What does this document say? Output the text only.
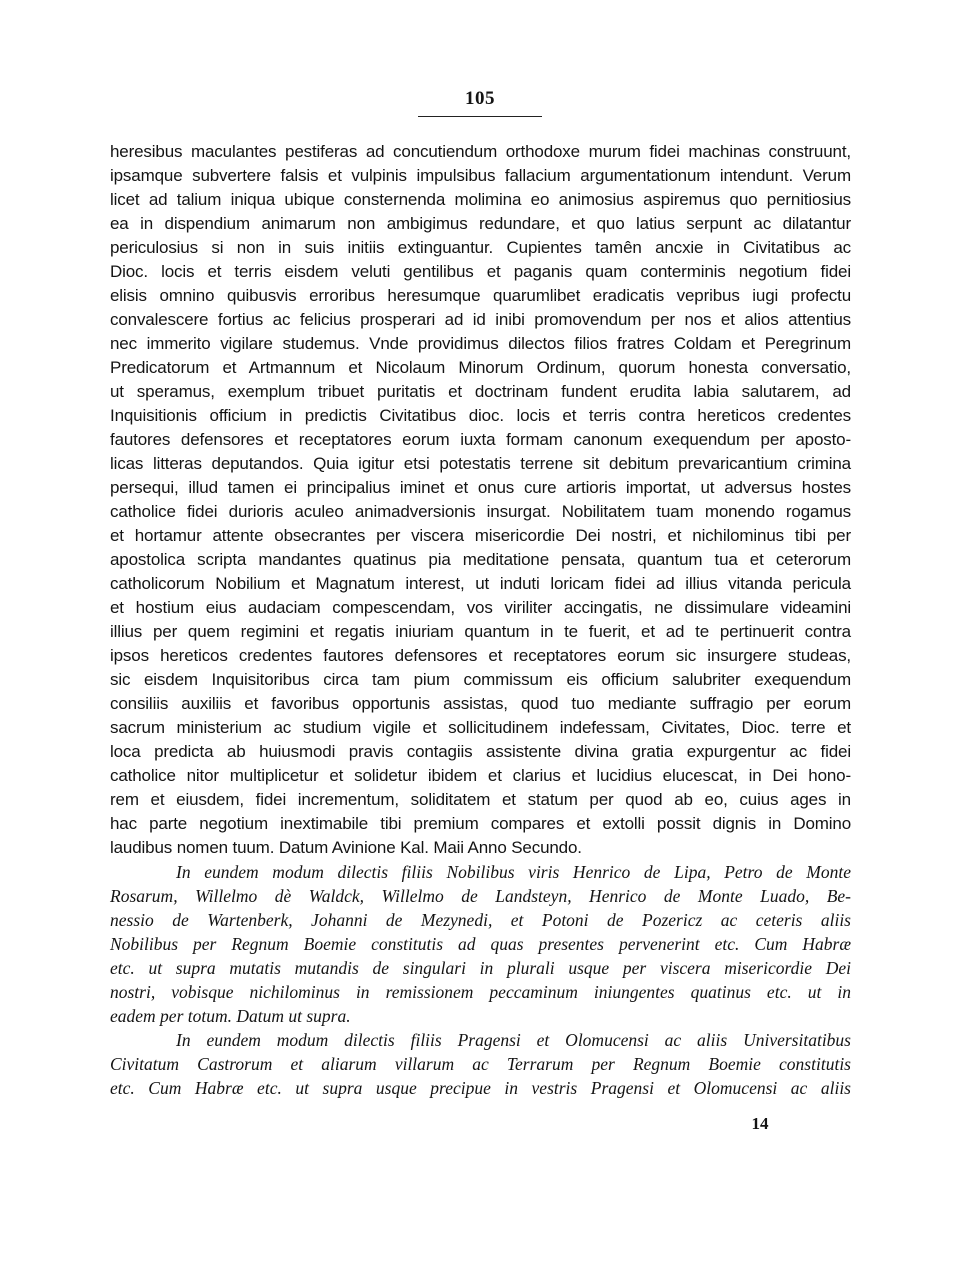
105
heresibus maculantes pestiferas ad concutiendum orthodoxe murum fidei machinas construunt,
ipsamque subvertere falsis et vulpinis impulsibus fallacium argumentationum intendunt. Verum
licet ad talium iniqua ubique consternenda molimina eo animosius aspiremus quo pernitiosius
ea in dispendium animarum non ambigimus redundare, et quo latius serpunt ac dilatantur
periculosius si non in suis initiis extinguantur. Cupientes tamên ancxie in Civitatibus ac
Dioc. locis et terris eisdem veluti gentilibus et paganis quam conterminis negotium fidei
elisis omnino quibusvis erroribus heresumque quarumlibet eradicatis vepribus iugi profectu
convalescere fortius ac felicius prosperari ad id inibi promovendum per nos et alios attentius
nec immerito vigilare studemus. Vnde providimus dilectos filios fratres Coldam et Peregrinum
Predicatorum et Artmannum et Nicolaum Minorum Ordinum, quorum honesta conversatio,
ut speramus, exemplum tribuet puritatis et doctrinam fundent erudita labia salutarem, ad
Inquisitionis officium in predictis Civitatibus dioc. locis et terris contra hereticos credentes
fautores defensores et receptatores eorum iuxta formam canonum exequendum per aposto-
licas litteras deputandos. Quia igitur etsi potestatis terrene sit debitum prevaricantium crimina
persequi, illud tamen ei principalius iminet et onus cure artioris importat, ut adversus hostes
catholice fidei durioris aculeo animadversionis insurgat. Nobilitatem tuam monendo rogamus
et hortamur attente obsecrantes per viscera misericordie Dei nostri, et nichilominus tibi per
apostolica scripta mandantes quatinus pia meditatione pensata, quantum tua et ceterorum
catholicorum Nobilium et Magnatum interest, ut induti loricam fidei ad illius vitanda pericula
et hostium eius audaciam compescendam, vos viriliter accingatis, ne dissimulare videamini
illius per quem regimini et regatis iniuriam quantum in te fuerit, et ad te pertinuerit contra
ipsos hereticos credentes fautores defensores et receptatores eorum sic insurgere studeas,
sic eisdem Inquisitoribus circa tam pium commissum eis officium salubriter exequendum
consiliis auxiliis et favoribus opportunis assistas, quod tuo mediante suffragio per eorum
sacrum ministerium ac studium vigile et sollicitudinem indefessam, Civitates, Dioc. terre et
loca predicta ab huiusmodi pravis contagiis assistente divina gratia expurgentur ac fidei
catholice nitor multiplicetur et solidetur ibidem et clarius et lucidius elucescat, in Dei hono-
rem et eiusdem, fidei incrementum, soliditatem et statum per quod ab eo, cuius ages in
hac parte negotium inextimabile tibi premium compares et extolli possit dignis in Domino
laudibus nomen tuum. Datum Avinione Kal. Maii Anno Secundo.
In eundem modum dilectis filiis Nobilibus viris Henrico de Lipa, Petro de Monte
Rosarum, Willelmo dè Waldck, Willelmo de Landsteyn, Henrico de Monte Luado, Be-
nessio de Wartenberk, Johanni de Mezynedi, et Potoni de Pozericz ac ceteris aliis
Nobilibus per Regnum Boemie constitutis ad quas presentes pervenerint etc. Cum Habræ
etc. ut supra mutatis mutandis de singulari in plurali usque per viscera misericordie Dei
nostri, vobisque nichilominus in remissionem peccaminum iniungentes quatinus etc. ut in
eadem per totum. Datum ut supra.
In eundem modum dilectis filiis Pragensi et Olomucensi ac aliis Universitatibus
Civitatum Castrorum et aliarum villarum ac Terrarum per Regnum Boemie constitutis
etc. Cum Habræ etc. ut supra usque precipue in vestris Pragensi et Olomucensi ac aliis
14
